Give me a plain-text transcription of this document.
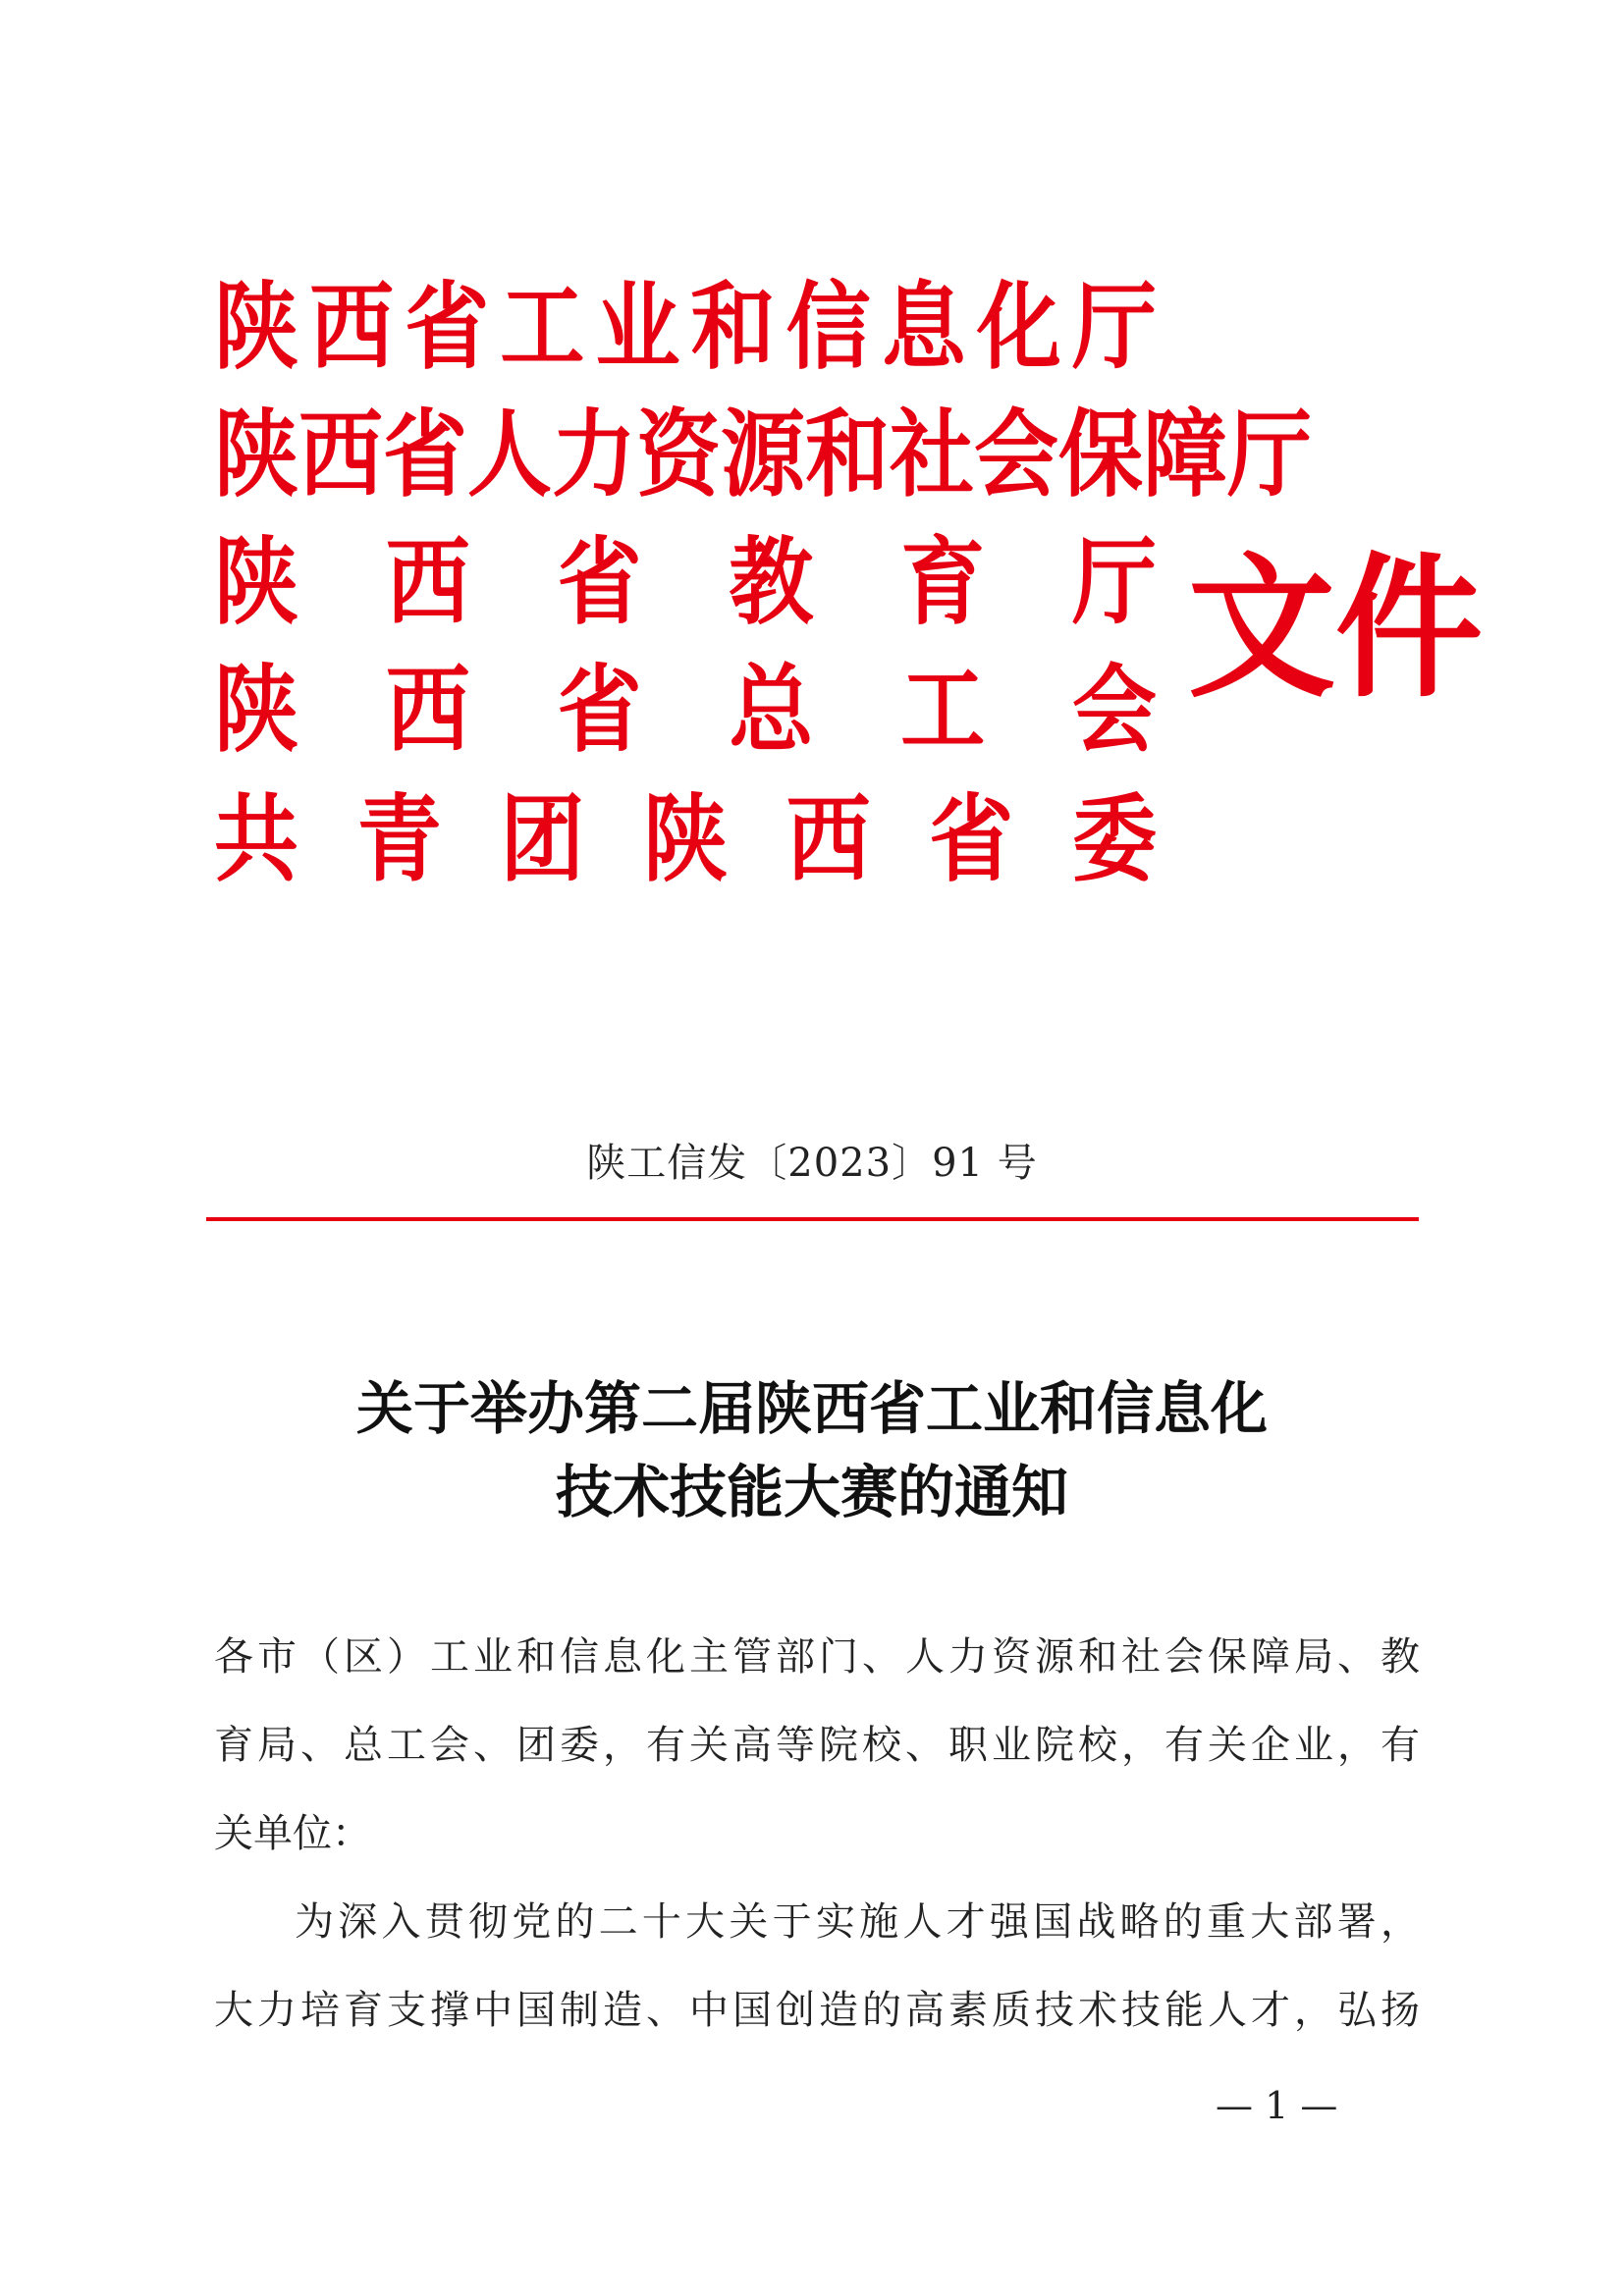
陕 西 省 工 业 和 信 息 化 厅
陕 西 省 人 力 资 源 和 社 会 保 障 厅
陕 西 省 教 育 厅
陕 西 省 总 工 会
共 青 团 陕 西 省 委
文件
陕工信发〔2023〕91 号
关于举办第二届陕西省工业和信息化
技术技能大赛的通知
各市（区）工业和信息化主管部门、人力资源和社会保障局、教
育局、总工会、团委，有关高等院校、职业院校，有关企业，有
关单位：
为深入贯彻党的二十大关于实施人才强国战略的重大部署，
大力培育支撑中国制造、中国创造的高素质技术技能人才，弘扬
— 1 —
